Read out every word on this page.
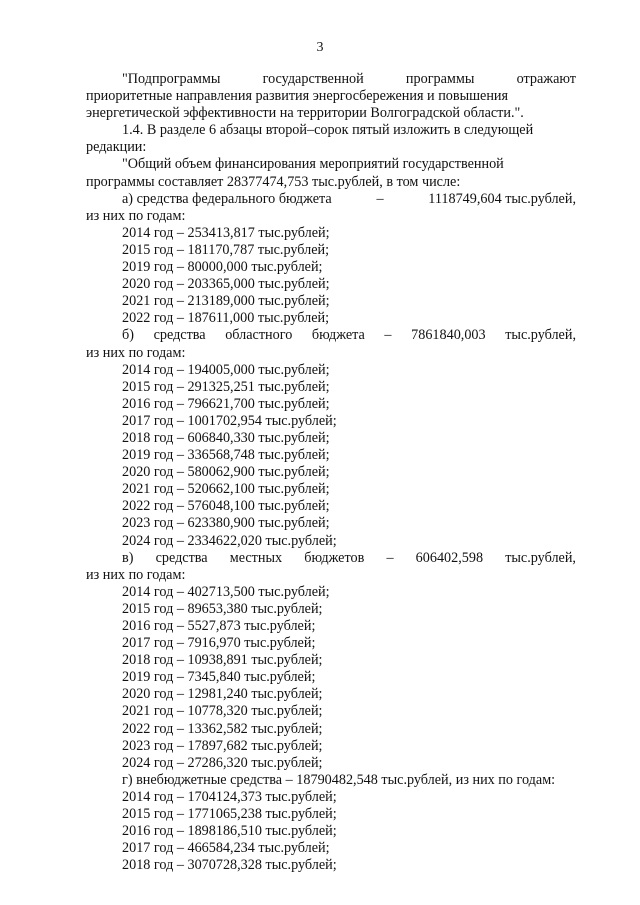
3
"Подпрограммы	государственной	программы	отражают
приоритетные направления развития энергосбережения и повышения
энергетической эффективности на территории Волгоградской области.".
1.4. В разделе 6 абзацы второй–сорок пятый изложить в следующей
редакции:
"Общий объем финансирования мероприятий государственной
программы составляет 28377474,753 тыс.рублей, в том числе:
а) средства федерального бюджета	–	1118749,604 тыс.рублей,
из них по годам:
2014 год – 253413,817 тыс.рублей;
2015 год – 181170,787 тыс.рублей;
2019 год – 80000,000 тыс.рублей;
2020 год – 203365,000 тыс.рублей;
2021 год – 213189,000 тыс.рублей;
2022 год – 187611,000 тыс.рублей;
б) средства областного бюджета – 7861840,003 тыс.рублей,
из них по годам:
2014 год – 194005,000 тыс.рублей;
2015 год – 291325,251 тыс.рублей;
2016 год – 796621,700 тыс.рублей;
2017 год – 1001702,954 тыс.рублей;
2018 год – 606840,330 тыс.рублей;
2019 год – 336568,748 тыс.рублей;
2020 год – 580062,900 тыс.рублей;
2021 год – 520662,100 тыс.рублей;
2022 год – 576048,100 тыс.рублей;
2023 год – 623380,900 тыс.рублей;
2024 год – 2334622,020 тыс.рублей;
в) средства местных бюджетов – 606402,598 тыс.рублей,
из них по годам:
2014 год – 402713,500 тыс.рублей;
2015 год – 89653,380 тыс.рублей;
2016 год – 5527,873 тыс.рублей;
2017 год – 7916,970 тыс.рублей;
2018 год – 10938,891 тыс.рублей;
2019 год – 7345,840 тыс.рублей;
2020 год – 12981,240 тыс.рублей;
2021 год – 10778,320 тыс.рублей;
2022 год – 13362,582 тыс.рублей;
2023 год – 17897,682 тыс.рублей;
2024 год – 27286,320 тыс.рублей;
г) внебюджетные средства – 18790482,548 тыс.рублей, из них по годам:
2014 год – 1704124,373 тыс.рублей;
2015 год – 1771065,238 тыс.рублей;
2016 год – 1898186,510 тыс.рублей;
2017 год – 466584,234 тыс.рублей;
2018 год – 3070728,328 тыс.рублей;
